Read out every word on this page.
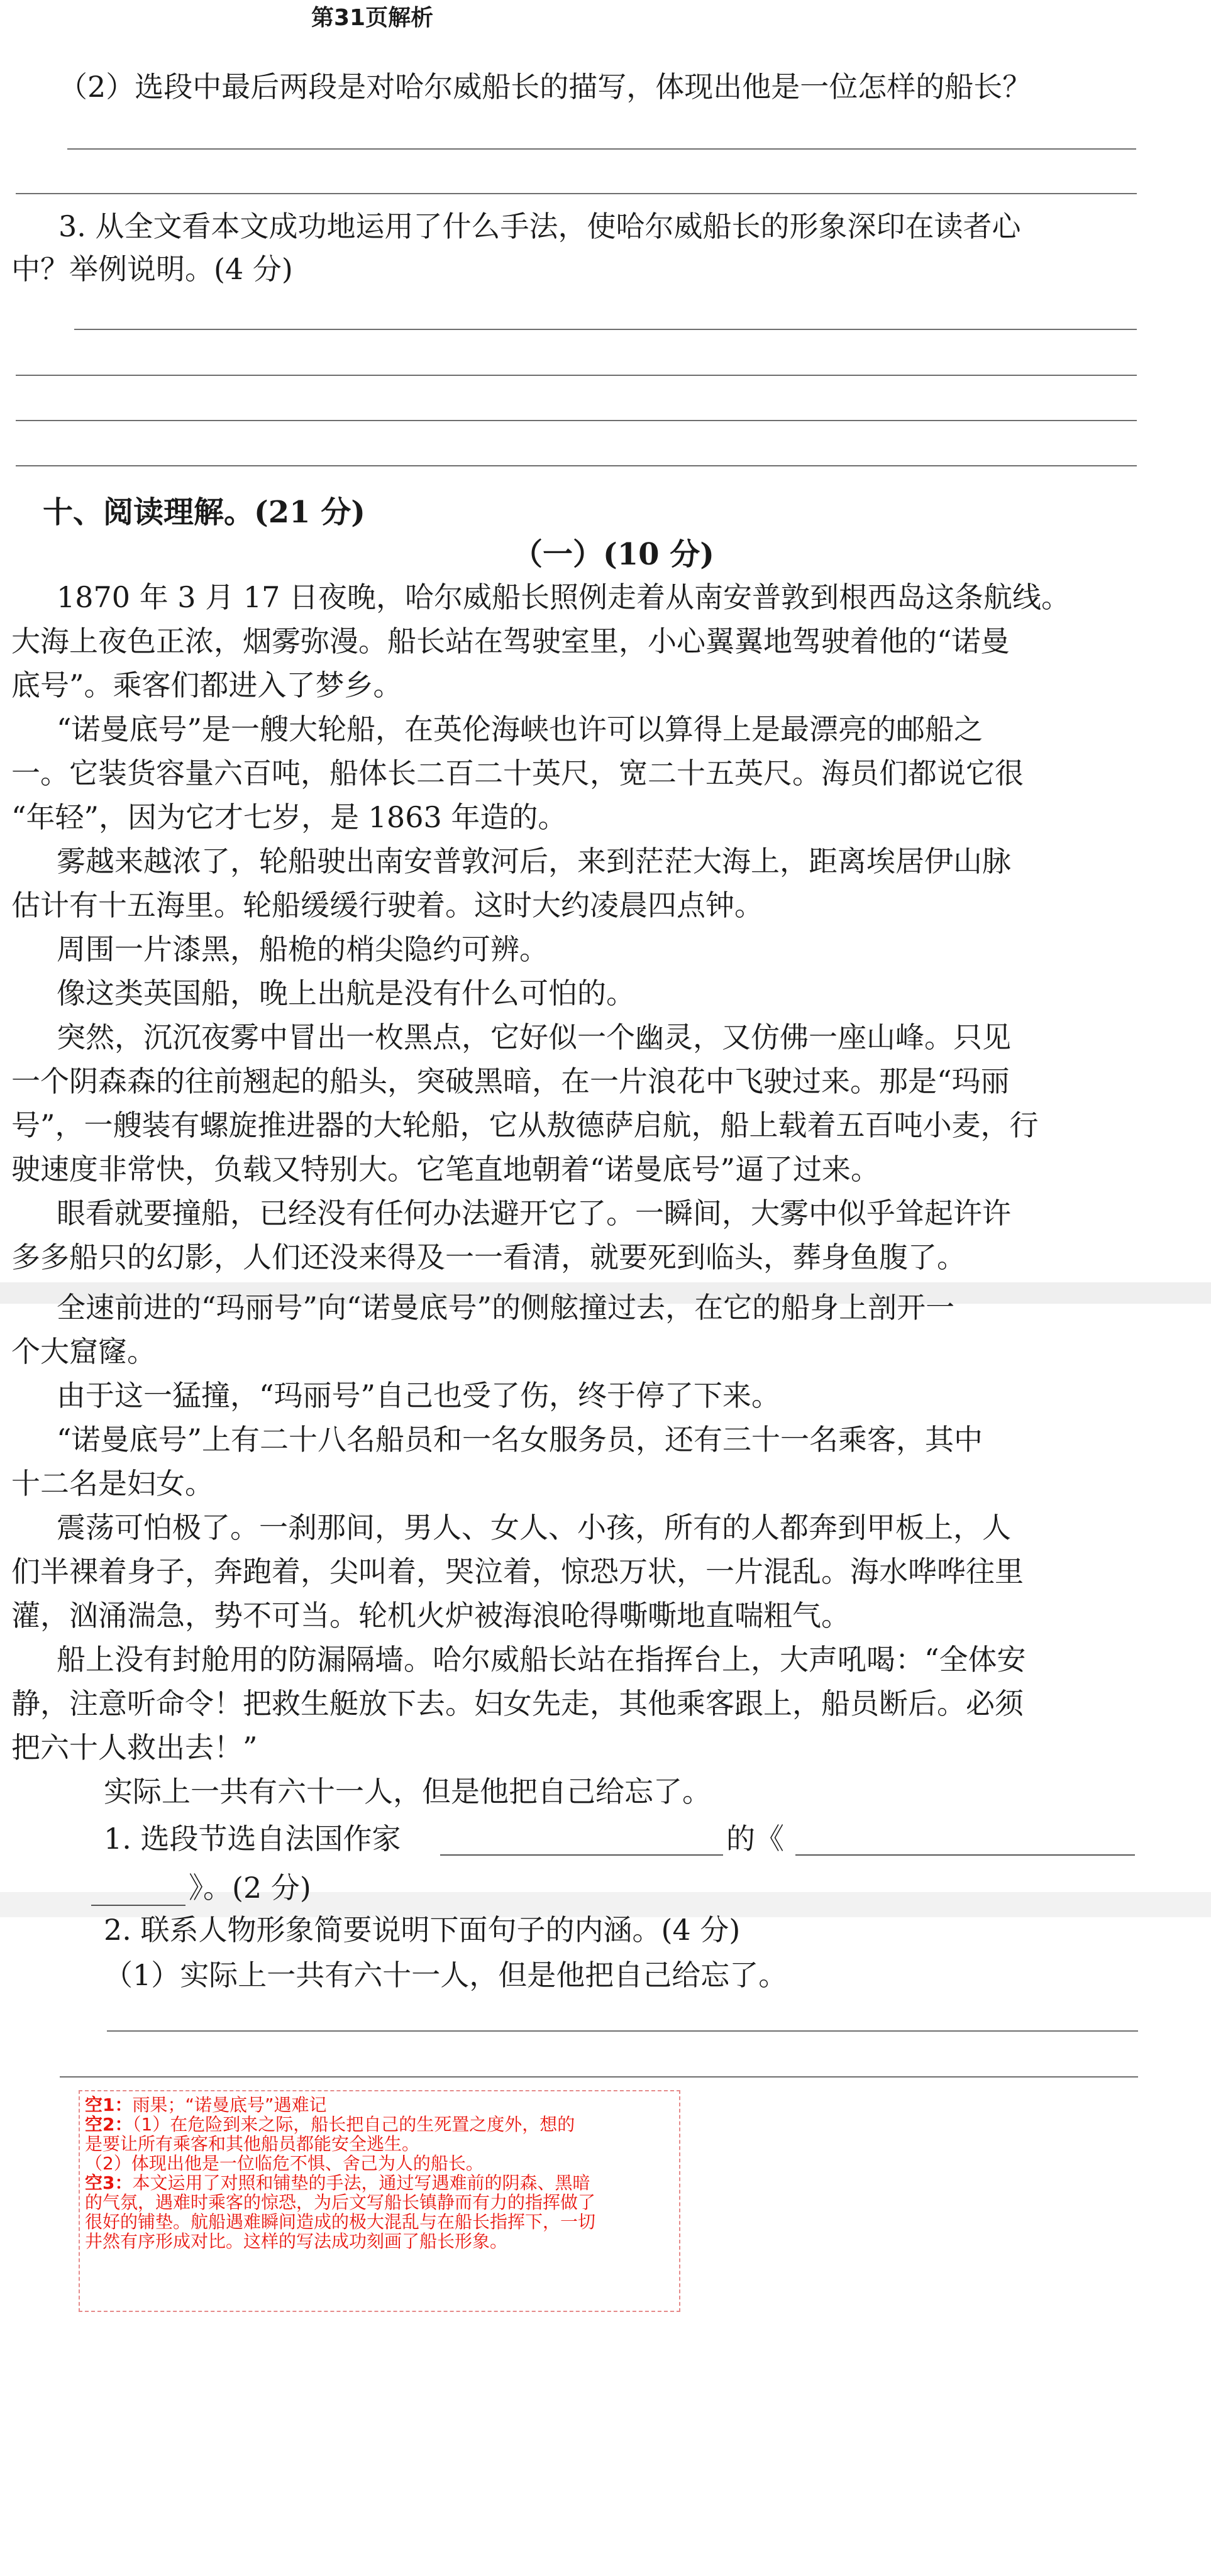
第31页解析
（2）选段中最后两段是对哈尔威船长的描写，体现出他是一位怎样的船长？
3. 从全文看本文成功地运用了什么手法，使哈尔威船长的形象深印在读者心
中？举例说明。(4 分)
十、阅读理解。(21 分)
（一）(10 分)
1870 年 3 月 17 日夜晚，哈尔威船长照例走着从南安普敦到根西岛这条航线。
大海上夜色正浓，烟雾弥漫。船长站在驾驶室里，小心翼翼地驾驶着他的“诺曼
底号”。乘客们都进入了梦乡。
“诺曼底号”是一艘大轮船，在英伦海峡也许可以算得上是最漂亮的邮船之
一。它装货容量六百吨，船体长二百二十英尺，宽二十五英尺。海员们都说它很
“年轻”，因为它才七岁，是 1863 年造的。
雾越来越浓了，轮船驶出南安普敦河后，来到茫茫大海上，距离埃居伊山脉
估计有十五海里。轮船缓缓行驶着。这时大约凌晨四点钟。
周围一片漆黑，船桅的梢尖隐约可辨。
像这类英国船，晚上出航是没有什么可怕的。
突然，沉沉夜雾中冒出一枚黑点，它好似一个幽灵，又仿佛一座山峰。只见
一个阴森森的往前翘起的船头，突破黑暗，在一片浪花中飞驶过来。那是“玛丽
号”，一艘装有螺旋推进器的大轮船，它从敖德萨启航，船上载着五百吨小麦，行
驶速度非常快，负载又特别大。它笔直地朝着“诺曼底号”逼了过来。
眼看就要撞船，已经没有任何办法避开它了。一瞬间，大雾中似乎耸起许许
多多船只的幻影，人们还没来得及一一看清，就要死到临头，葬身鱼腹了。
全速前进的“玛丽号”向“诺曼底号”的侧舷撞过去，在它的船身上剖开一
个大窟窿。
由于这一猛撞，“玛丽号”自己也受了伤，终于停了下来。
“诺曼底号”上有二十八名船员和一名女服务员，还有三十一名乘客，其中
十二名是妇女。
震荡可怕极了。一刹那间，男人、女人、小孩，所有的人都奔到甲板上，人
们半裸着身子，奔跑着，尖叫着，哭泣着，惊恐万状，一片混乱。海水哗哗往里
灌，汹涌湍急，势不可当。轮机火炉被海浪呛得嘶嘶地直喘粗气。
船上没有封舱用的防漏隔墙。哈尔威船长站在指挥台上，大声吼喝：“全体安
静，注意听命令！把救生艇放下去。妇女先走，其他乘客跟上，船员断后。必须
把六十人救出去！”
实际上一共有六十一人，但是他把自己给忘了。
1. 选段节选自法国作家	的《
》。(2 分)
2. 联系人物形象简要说明下面句子的内涵。(4 分)
（1）实际上一共有六十一人，但是他把自己给忘了。
空1：雨果；“诺曼底号”遇难记
空2：（1）在危险到来之际，船长把自己的生死置之度外，想的
是要让所有乘客和其他船员都能安全逃生。
（2）体现出他是一位临危不惧、舍己为人的船长。
空3：本文运用了对照和铺垫的手法，通过写遇难前的阴森、黑暗
的气氛，遇难时乘客的惊恐，为后文写船长镇静而有力的指挥做了
很好的铺垫。航船遇难瞬间造成的极大混乱与在船长指挥下，一切
井然有序形成对比。这样的写法成功刻画了船长形象。
